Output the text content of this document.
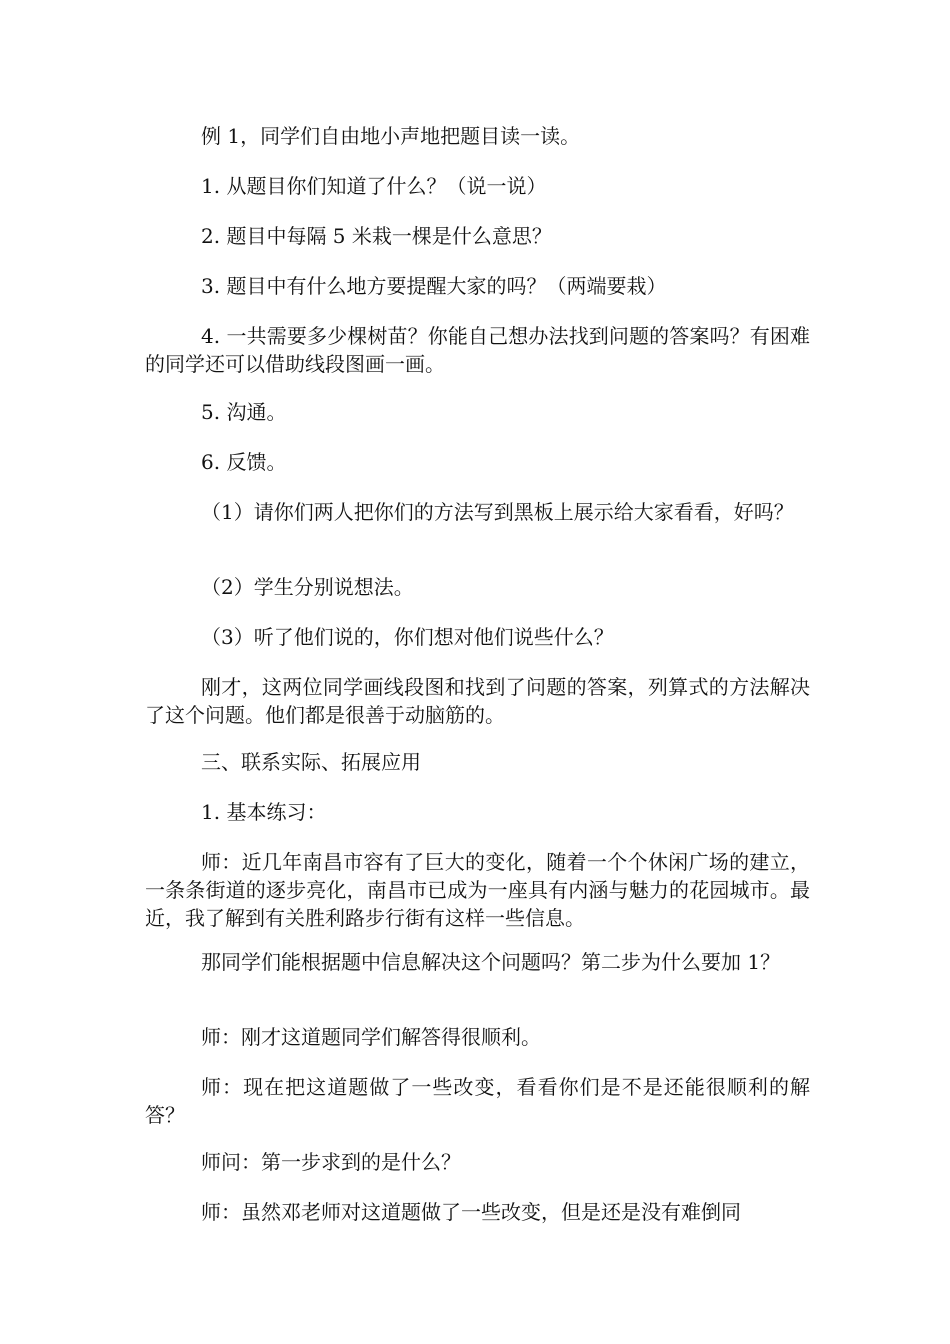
例 1，同学们自由地小声地把题目读一读。

1. 从题目你们知道了什么？（说一说）

2. 题目中每隔 5 米栽一棵是什么意思？

3. 题目中有什么地方要提醒大家的吗？（两端要栽）

4. 一共需要多少棵树苗？你能自己想办法找到问题的答案吗？有困难的同学还可以借助线段图画一画。

5. 沟通。

6. 反馈。

（1）请你们两人把你们的方法写到黑板上展示给大家看看，好吗？

（2）学生分别说想法。

（3）听了他们说的，你们想对他们说些什么？

刚才，这两位同学画线段图和找到了问题的答案，列算式的方法解决了这个问题。他们都是很善于动脑筋的。

三、联系实际、拓展应用

1. 基本练习：

师：近几年南昌市容有了巨大的变化，随着一个个休闲广场的建立，一条条街道的逐步亮化，南昌市已成为一座具有内涵与魅力的花园城市。最近，我了解到有关胜利路步行街有这样一些信息。

那同学们能根据题中信息解决这个问题吗？第二步为什么要加 1？

师：刚才这道题同学们解答得很顺利。

师：现在把这道题做了一些改变，看看你们是不是还能很顺利的解答？

师问：第一步求到的是什么？

师：虽然邓老师对这道题做了一些改变，但是还是没有难倒同
